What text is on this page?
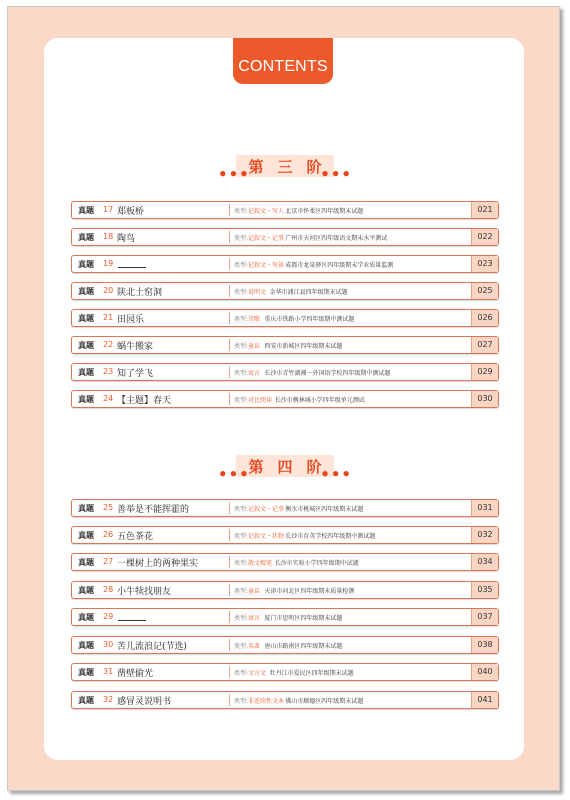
CONTENTS
•••
第 三 阶
•••
•••
第 四 阶
•••
真题 17 郑板桥	类型: 记叙文・写人 北京市怀柔区四年级期末试题	021
真题 18 陶鸟	类型: 记叙文・记事 广州市天河区四年级语文期末水平测试	022
真题 19	类型: 记叙文・写景 成都市龙泉驿区四年级期末学业质量监测	023
真题 20 陕北土窑洞	类型: 说明文 金华市浦江县四年级期末试题	025
真题 21 田园乐	类型: 诗歌 重庆市铁路小学四年级期中测试题	026
真题 22 蜗牛搬家	类型: 童话 西安市新城区四年级期末试题	027
真题 23 知了学飞	类型: 寓言 长沙市青竹湖湘一外国语学校四年级期中测试题	029
真题 24 【主题】春天	类型: 对比阅读 长沙市枫林城小学四年级单元测试	030
真题 25 善举是不能挥霍的	类型: 记叙文・记事 衡水市桃城区四年级期末试题	031
真题 26 五色茶花	类型: 记叙文・状物 长沙市育英学校四年级期中测试题	032
真题 27 一棵树上的两种果实	类型: 散文精笔 长沙市实验小学四年级期中试题	034
真题 28 小牛犊找朋友	类型: 童话 天津市河北区四年级期末质量检测	035
真题 29	类型: 寓言 厦门市思明区四年级期末试题	037
真题 30 苦儿流浪记(节选)	类型: 名著 唐山市路南区四年级期末试题	038
真题 31 凿壁偷光	类型: 文言文 牡丹江市爱民区四年级期末试题	040
真题 32 感冒灵说明书	类型: 非连续性文本 佛山市顺德区四年级期末试题	041
